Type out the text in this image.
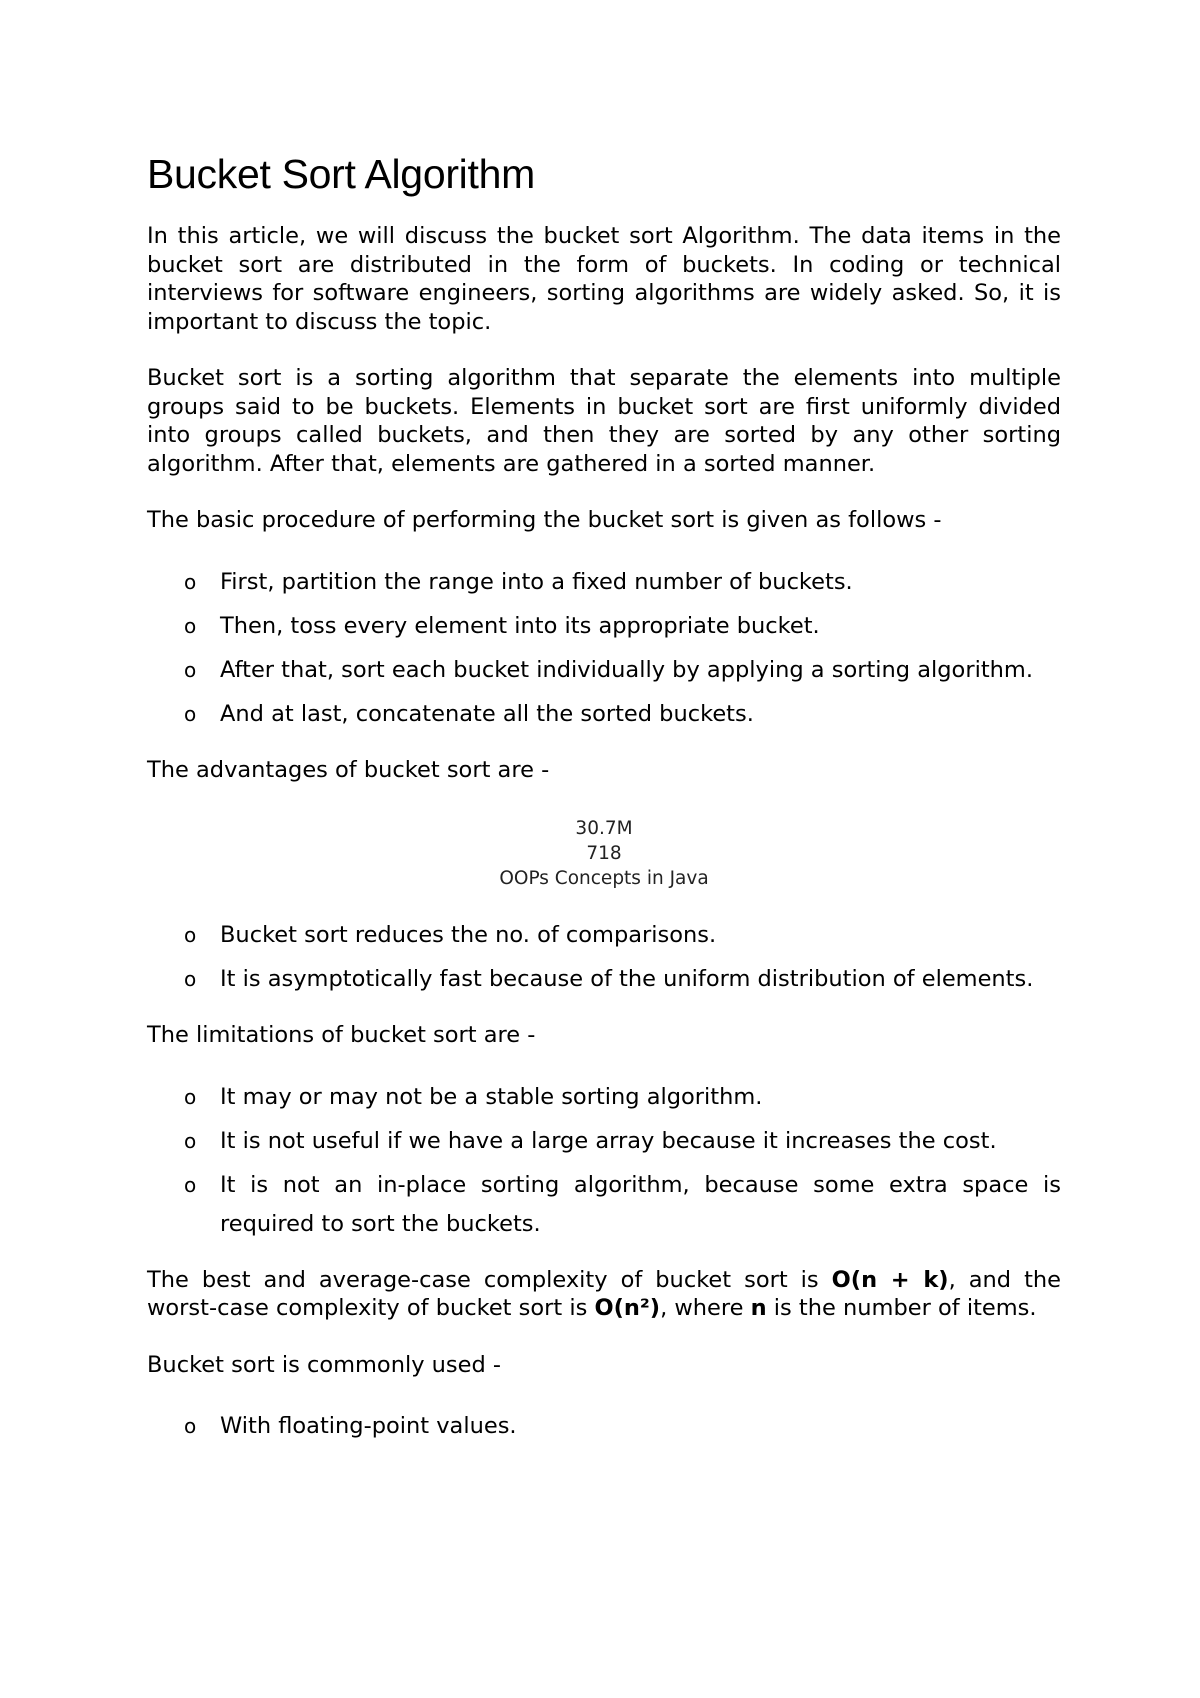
Bucket Sort Algorithm

In this article, we will discuss the bucket sort Algorithm. The data items in the bucket sort are distributed in the form of buckets. In coding or technical interviews for software engineers, sorting algorithms are widely asked. So, it is important to discuss the topic.

Bucket sort is a sorting algorithm that separate the elements into multiple groups said to be buckets. Elements in bucket sort are first uniformly divided into groups called buckets, and then they are sorted by any other sorting algorithm. After that, elements are gathered in a sorted manner.

The basic procedure of performing the bucket sort is given as follows -

o First, partition the range into a fixed number of buckets.
o Then, toss every element into its appropriate bucket.
o After that, sort each bucket individually by applying a sorting algorithm.
o And at last, concatenate all the sorted buckets.

The advantages of bucket sort are -

30.7M
718
OOPs Concepts in Java
o Bucket sort reduces the no. of comparisons.
o It is asymptotically fast because of the uniform distribution of elements.

The limitations of bucket sort are -

o It may or may not be a stable sorting algorithm.
o It is not useful if we have a large array because it increases the cost.
o It is not an in-place sorting algorithm, because some extra space is required to sort the buckets.

The best and average-case complexity of bucket sort is O(n + k), and the worst-case complexity of bucket sort is O(n²), where n is the number of items.

Bucket sort is commonly used -

o With floating-point values.
